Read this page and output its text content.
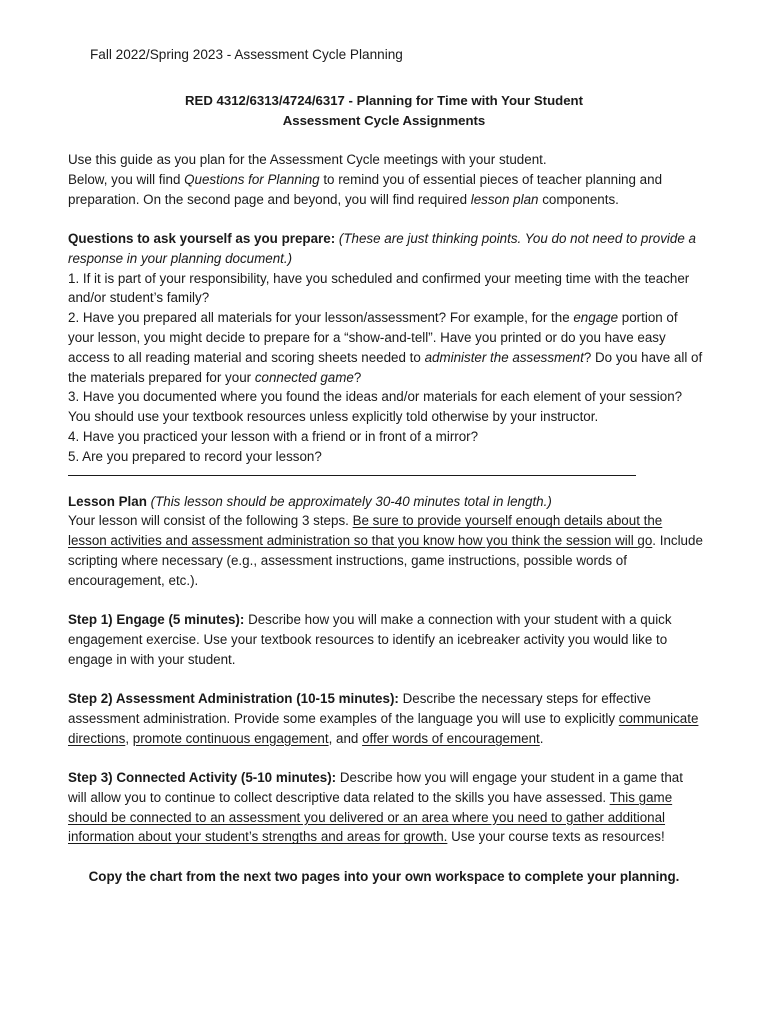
Fall 2022/Spring 2023 - Assessment Cycle Planning
RED 4312/6313/4724/6317 - Planning for Time with Your Student
Assessment Cycle Assignments

Use this guide as you plan for the Assessment Cycle meetings with your student.

Below, you will find Questions for Planning to remind you of essential pieces of teacher planning and preparation. On the second page and beyond, you will find required lesson plan components.

Questions to ask yourself as you prepare: (These are just thinking points. You do not need to provide a response in your planning document.)

1. If it is part of your responsibility, have you scheduled and confirmed your meeting time with the teacher and/or student’s family?

2. Have you prepared all materials for your lesson/assessment? For example, for the engage portion of your lesson, you might decide to prepare for a “show-and-tell”. Have you printed or do you have easy access to all reading material and scoring sheets needed to administer the assessment? Do you have all of the materials prepared for your connected game?

3. Have you documented where you found the ideas and/or materials for each element of your session? You should use your textbook resources unless explicitly told otherwise by your instructor.

4. Have you practiced your lesson with a friend or in front of a mirror?

5. Are you prepared to record your lesson?

Lesson Plan (This lesson should be approximately 30-40 minutes total in length.)

Your lesson will consist of the following 3 steps. Be sure to provide yourself enough details about the lesson activities and assessment administration so that you know how you think the session will go. Include scripting where necessary (e.g., assessment instructions, game instructions, possible words of encouragement, etc.).

Step 1) Engage (5 minutes): Describe how you will make a connection with your student with a quick engagement exercise. Use your textbook resources to identify an icebreaker activity you would like to engage in with your student.

Step 2) Assessment Administration (10-15 minutes): Describe the necessary steps for effective assessment administration. Provide some examples of the language you will use to explicitly communicate directions, promote continuous engagement, and offer words of encouragement.

Step 3) Connected Activity (5-10 minutes): Describe how you will engage your student in a game that will allow you to continue to collect descriptive data related to the skills you have assessed. This game should be connected to an assessment you delivered or an area where you need to gather additional information about your student’s strengths and areas for growth. Use your course texts as resources!

Copy the chart from the next two pages into your own workspace to complete your planning.
